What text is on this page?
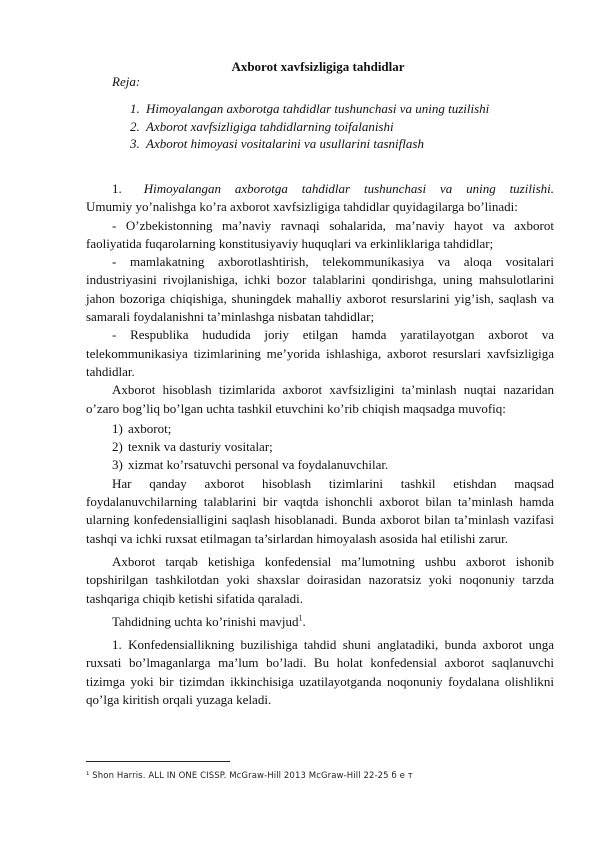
Axborot xavfsizligiga tahdidlar
Reja:
1. Himoyalangan axborotga tahdidlar tushunchasi va uning tuzilishi
2. Axborot xavfsizligiga tahdidlarning toifalanishi
3. Axborot himoyasi vositalarini va usullarini tasniflash

1. Himoyalangan axborotga tahdidlar tushunchasi va uning tuzilishi.

Umumiy yo’nalishga ko’ra axborot xavfsizligiga tahdidlar quyidagilarga bo’linadi:

- O’zbekistonning ma’naviy ravnaqi sohalarida, ma’naviy hayot va axborot faoliyatida fuqarolarning konstitusiyaviy huquqlari va erkinliklariga tahdidlar;

- mamlakatning axborotlashtirish, telekommunikasiya va aloqa vositalari industriyasini rivojlanishiga, ichki bozor talablarini qondirishga, uning mahsulotlarini jahon bozoriga chiqishiga, shuningdek mahalliy axborot resurslarini yig’ish, saqlash va samarali foydalanishni ta’minlashga nisbatan tahdidlar;

- Respublika hududida joriy etilgan hamda yaratilayotgan axborot va telekommunikasiya tizimlarining me’yorida ishlashiga, axborot resurslari xavfsizligiga tahdidlar.

Axborot hisoblash tizimlarida axborot xavfsizligini ta’minlash nuqtai nazaridan o’zaro bog’liq bo’lgan uchta tashkil etuvchini ko’rib chiqish maqsadga muvofiq:

1) axborot;
2) texnik va dasturiy vositalar;
3) xizmat ko’rsatuvchi personal va foydalanuvchilar.

Har qanday axborot hisoblash tizimlarini tashkil etishdan maqsad foydalanuvchilarning talablarini bir vaqtda ishonchli axborot bilan ta’minlash hamda ularning konfedensialligini saqlash hisoblanadi. Bunda axborot bilan ta’minlash vazifasi tashqi va ichki ruxsat etilmagan ta’sirlardan himoyalash asosida hal etilishi zarur.

Axborot tarqab ketishiga konfedensial ma’lumotning ushbu axborot ishonib topshirilgan tashkilotdan yoki shaxslar doirasidan nazoratsiz yoki noqonuniy tarzda tashqariga chiqib ketishi sifatida qaraladi.

Tahdidning uchta ko’rinishi mavjud$^1$.

1. Konfedensiallikning buzilishiga tahdid shuni anglatadiki, bunda axborot unga ruxsati bo’lmaganlarga ma’lum bo’ladi. Bu holat konfedensial axborot saqlanuvchi tizimga yoki bir tizimdan ikkinchisiga uzatilayotganda noqonuniy foydalana olishlikni qo’lga kiritish orqali yuzaga keladi.

¹ Shon Harris. ALL IN ONE CISSP. McGraw-Hill 2013 McGraw-Hill 22-25 б е т
